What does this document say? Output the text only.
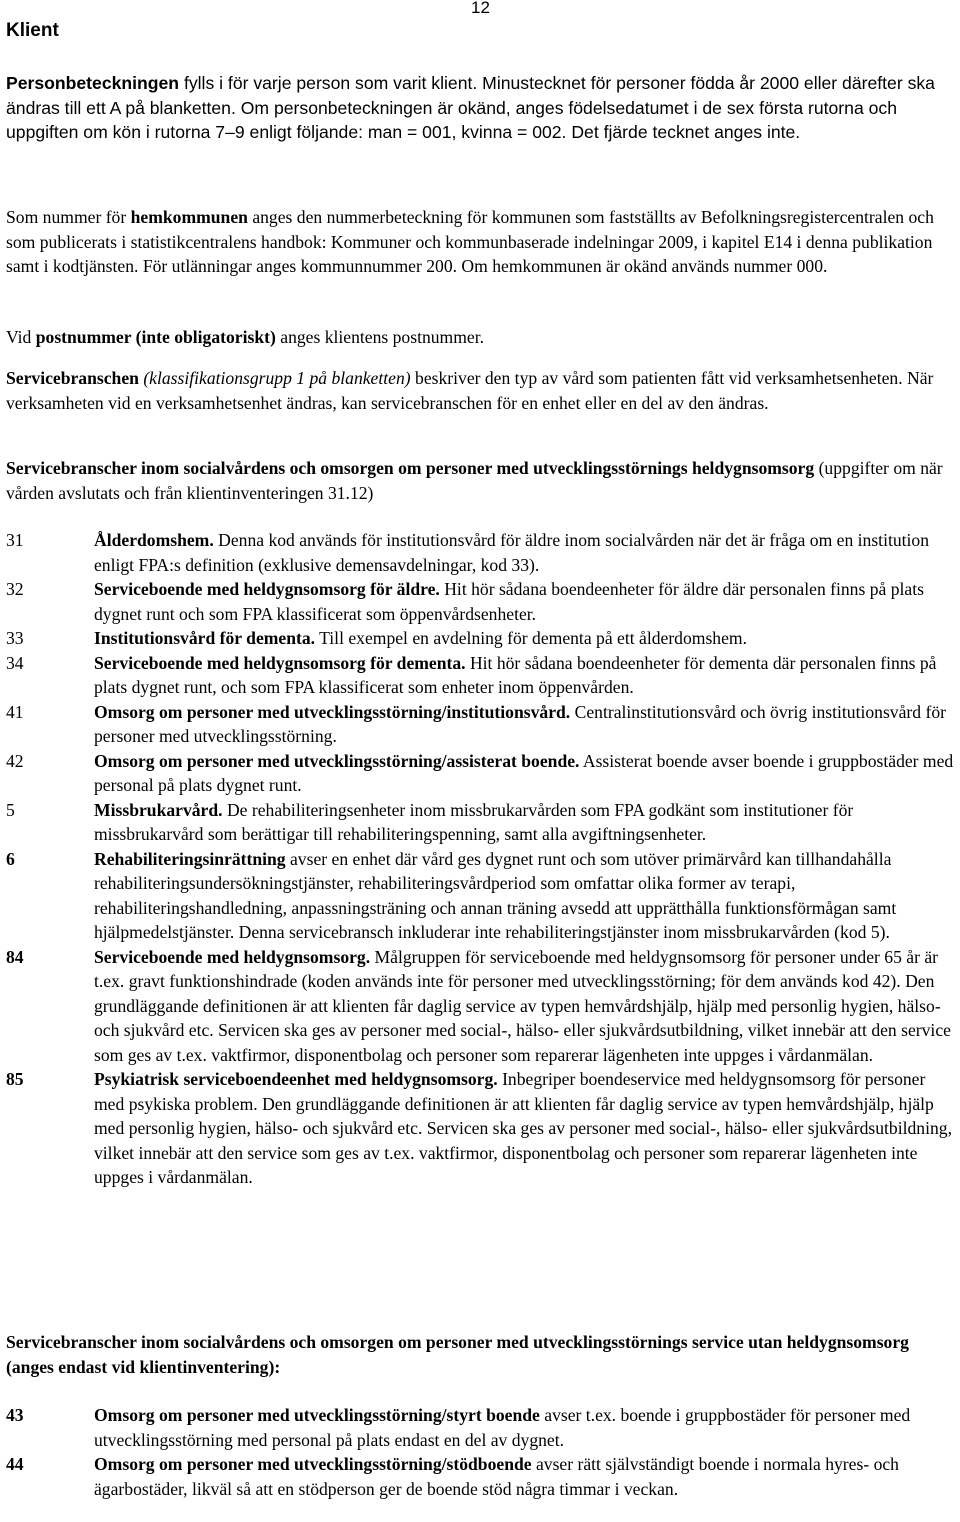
12
Klient
Personbeteckningen fylls i för varje person som varit klient. Minustecknet för personer födda år 2000 eller därefter ska ändras till ett A på blanketten. Om personbeteckningen är okänd, anges födelsedatumet i de sex första rutorna och uppgiften om kön i rutorna 7–9 enligt följande: man = 001, kvinna = 002. Det fjärde tecknet anges inte.
Som nummer för hemkommunen anges den nummerbeteckning för kommunen som fastställts av Befolkningsregistercentralen och som publicerats i statistikcentralens handbok: Kommuner och kommunbaserade indelningar 2009, i kapitel E14 i denna publikation samt i kodtjänsten. För utlänningar anges kommunnummer 200. Om hemkommunen är okänd används nummer 000.
Vid postnummer (inte obligatoriskt) anges klientens postnummer.
Servicebranschen (klassifikationsgrupp 1 på blanketten) beskriver den typ av vård som patienten fått vid verksamhetsenheten. När verksamheten vid en verksamhetsenhet ändras, kan servicebranschen för en enhet eller en del av den ändras.
Servicebranscher inom socialvårdens och omsorgen om personer med utvecklingsstörnings heldygnsomsorg (uppgifter om när vården avslutats och från klientinventeringen 31.12)
31	Ålderdomshem. Denna kod används för institutionsvård för äldre inom socialvården när det är fråga om en institution enligt FPA:s definition (exklusive demensavdelningar, kod 33).
32	Serviceboende med heldygnsomsorg för äldre. Hit hör sådana boendeenheter för äldre där personalen finns på plats dygnet runt och som FPA klassificerat som öppenvårdsenheter.
33	Institutionsvård för dementa. Till exempel en avdelning för dementa på ett ålderdomshem.
34	Serviceboende med heldygnsomsorg för dementa. Hit hör sådana boendeenheter för dementa där personalen finns på plats dygnet runt, och som FPA klassificerat som enheter inom öppenvården.
41	Omsorg om personer med utvecklingsstörning/institutionsvård. Centralinstitutionsvård och övrig institutionsvård för personer med utvecklingsstörning.
42	Omsorg om personer med utvecklingsstörning/assisterat boende. Assisterat boende avser boende i gruppbostäder med personal på plats dygnet runt.
5	Missbrukarvård. De rehabiliteringsenheter inom missbrukarvården som FPA godkänt som institutioner för missbrukarvård som berättigar till rehabiliteringspenning, samt alla avgiftningsenheter.
6	Rehabiliteringsinrättning avser en enhet där vård ges dygnet runt och som utöver primärvård kan tillhandahålla rehabiliteringsundersökningstjänster, rehabiliteringsvårdperiod som omfattar olika former av terapi, rehabiliteringshandledning, anpassningsträning och annan träning avsedd att upprätthålla funktionsförmågan samt hjälpmedelstjänster. Denna servicebransch inkluderar inte rehabiliteringstjänster inom missbrukarvården (kod 5).
84	Serviceboende med heldygnsomsorg. Målgruppen för serviceboende med heldygnsomsorg för personer under 65 år är t.ex. gravt funktionshindrade (koden används inte för personer med utvecklingsstörning; för dem används kod 42). Den grundläggande definitionen är att klienten får daglig service av typen hemvårdshjälp, hjälp med personlig hygien, hälso- och sjukvård etc. Servicen ska ges av personer med social-, hälso- eller sjukvårdsutbildning, vilket innebär att den service som ges av t.ex. vaktfirmor, disponentbolag och personer som reparerar lägenheten inte uppges i vårdanmälan.
85	Psykiatrisk serviceboendeenhet med heldygnsomsorg. Inbegriper boendeservice med heldygnsomsorg för personer med psykiska problem. Den grundläggande definitionen är att klienten får daglig service av typen hemvårdshjälp, hjälp med personlig hygien, hälso- och sjukvård etc. Servicen ska ges av personer med social-, hälso- eller sjukvårdsutbildning, vilket innebär att den service som ges av t.ex. vaktfirmor, disponentbolag och personer som reparerar lägenheten inte uppges i vårdanmälan.
Servicebranscher inom socialvårdens och omsorgen om personer med utvecklingsstörnings service utan heldygnsomsorg (anges endast vid klientinventering):
43	Omsorg om personer med utvecklingsstörning/styrt boende avser t.ex. boende i gruppbostäder för personer med utvecklingsstörning med personal på plats endast en del av dygnet.
44	Omsorg om personer med utvecklingsstörning/stödboende avser rätt självständigt boende i normala hyres- och ägarbostäder, likväl så att en stödperson ger de boende stöd några timmar i veckan.
